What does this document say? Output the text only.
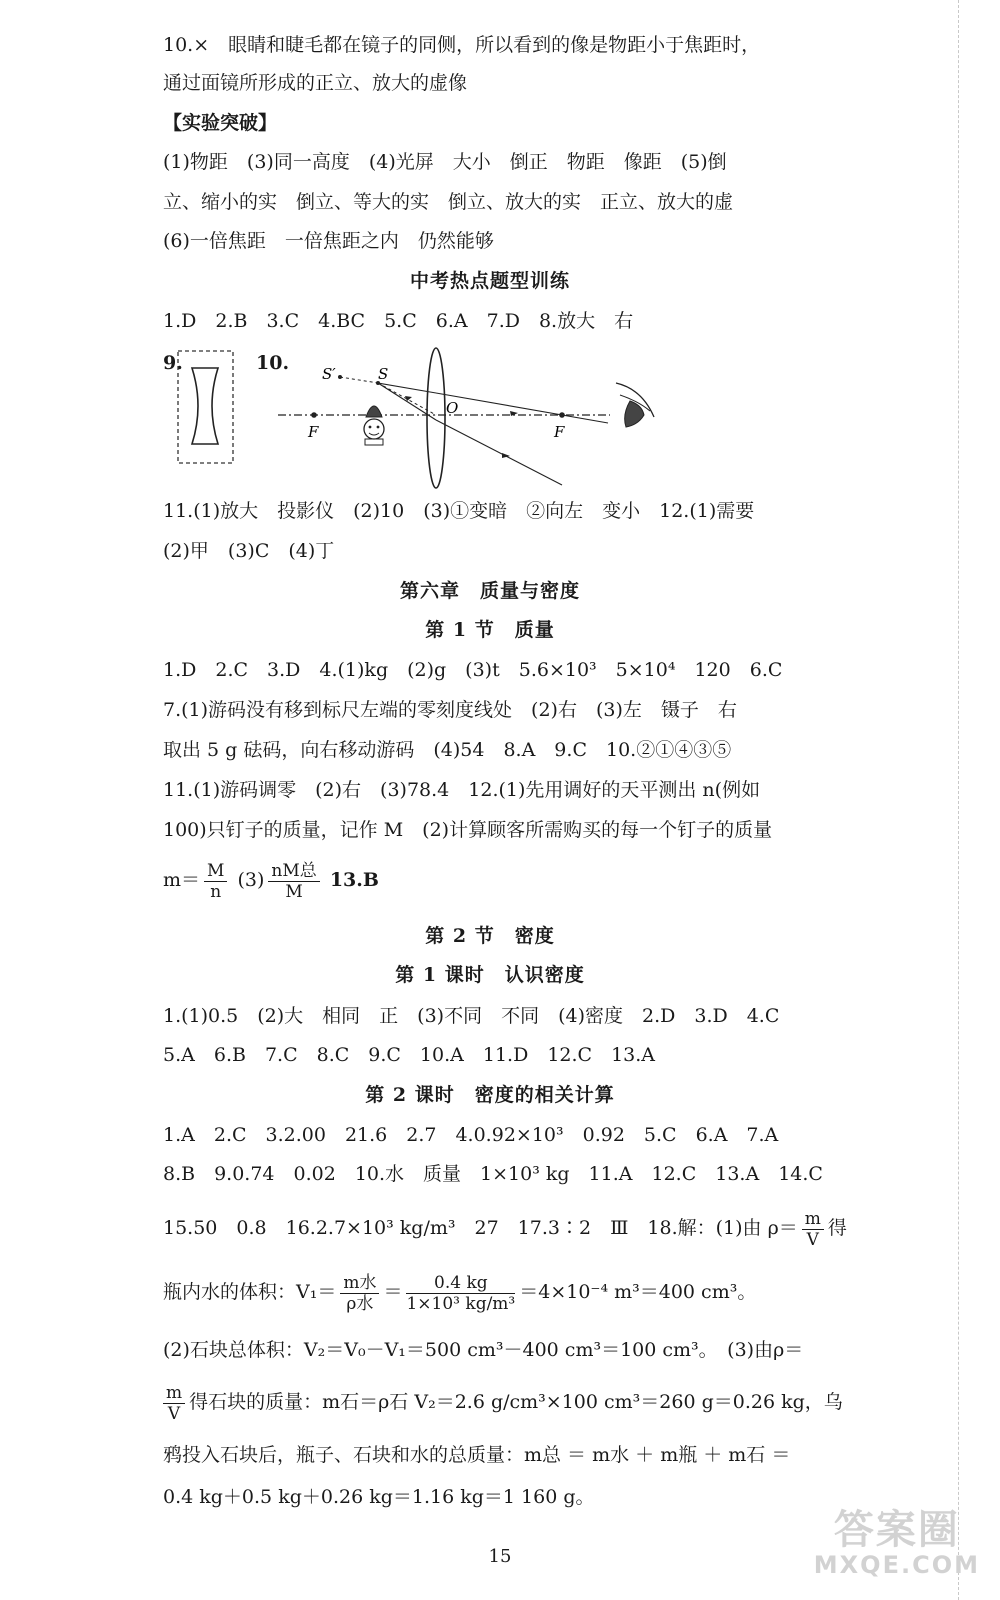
10.×　眼睛和睫毛都在镜子的同侧，所以看到的像是物距小于焦距时，
通过面镜所形成的正立、放大的虚像
【实验突破】
(1)物距　(3)同一高度　(4)光屏　大小　倒正　物距　像距　(5)倒
立、缩小的实　倒立、等大的实　倒立、放大的实　正立、放大的虚
(6)一倍焦距　一倍焦距之内　仍然能够
中考热点题型训练
1.D　2.B　3.C　4.BC　5.C　6.A　7.D　8.放大　右
9.	10. S′	S
O
F	F
11.(1)放大　投影仪　(2)10　(3)①变暗　②向左　变小　12.(1)需要
(2)甲　(3)C　(4)丁
第六章　质量与密度
第 1 节　质量
1.D　2.C　3.D　4.(1)kg　(2)g　(3)t　5.6×10³　5×10⁴　120　6.C
7.(1)游码没有移到标尺左端的零刻度线处　(2)右　(3)左　镊子　右
取出 5 g 砝码，向右移动游码　(4)54　8.A　9.C　10.②①④③⑤
11.(1)游码调零　(2)右　(3)78.4　12.(1)先用调好的天平测出 n(例如
100)只钉子的质量，记作 M　(2)计算顾客所需购买的每一个钉子的质量
$m= \frac{M}{n} (3) \frac{\text{nM总}}{M} 13.B$
第 2 节　密度
第 1 课时　认识密度
1.(1)0.5　(2)大　相同　正　(3)不同　不同　(4)密度　2.D　3.D　4.C
5.A　6.B　7.C　8.C　9.C　10.A　11.D　12.C　13.A
第 2 课时　密度的相关计算
1.A　2.C　3.2.00　21.6　2.7　4.0.92×10³　0.92　5.C　6.A　7.A
8.B　9.0.74　0.02　10.水　质量　1×10³ kg　11.A　12.C　13.A　14.C
15.50　0.8　16.2.7×10³ kg/m³　27　17.3∶2　Ⅲ　18.解：(1)由 $\rho= \frac{m}{V}$ 得
瓶内水的体积：$V_1= \frac{\text{m水}}{\text{ρ水}} = \frac{0.4 kg}{\text{1×10³ kg/m³}} =4\times 10^{-4}$ m³＝400 cm³。
(2)石块总体积：V₂＝V₀－V₁＝500 cm³－400 cm³＝100 cm³。　(3)由ρ＝
$\frac{m}{V}$ 得石块的质量：m石＝ρ石 V₂＝2.6 g/cm³×100 cm³＝260 g＝0.26 kg，乌
鸦投入石块后，瓶子、石块和水的总质量：m总 ＝ m水 ＋ m瓶 ＋ m石 ＝
0.4 kg＋0.5 kg＋0.26 kg＝1.16 kg＝1 160 g。
15
答案圈
MXQE.COM
